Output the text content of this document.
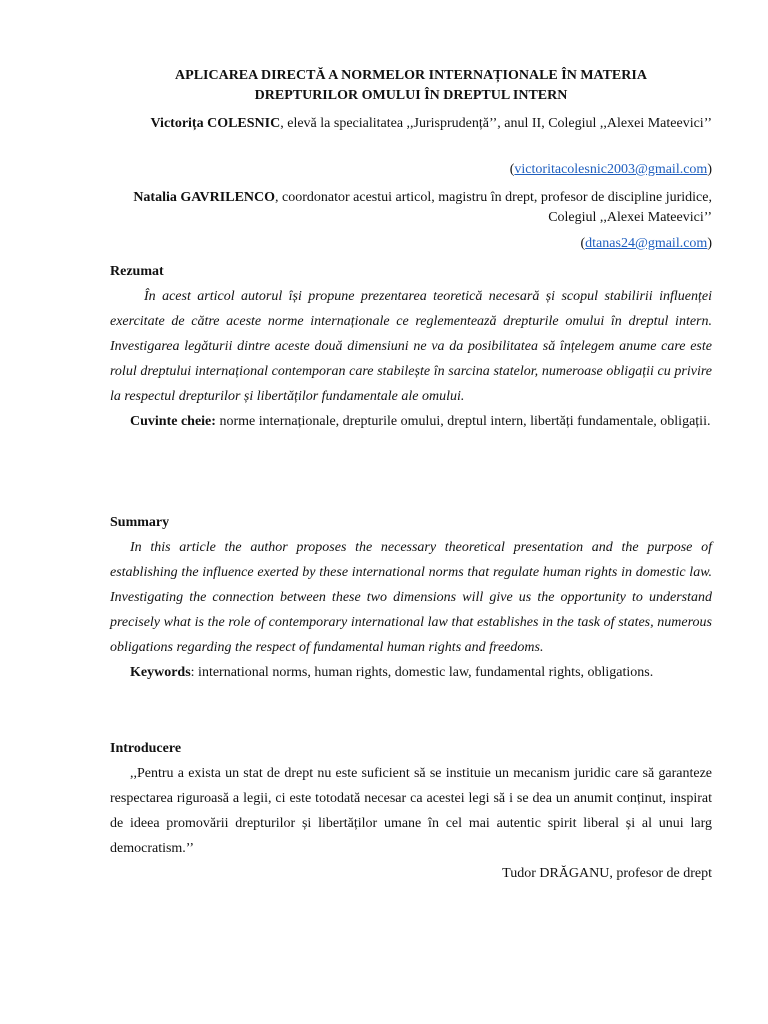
APLICAREA DIRECTĂ A NORMELOR INTERNAȚIONALE ÎN MATERIA
DREPTURILOR OMULUI ÎN DREPTUL INTERN
Victorița COLESNIC, elevă la specialitatea ,,Jurisprudență’’, anul II, Colegiul ,,Alexei Mateevici’’
(victoritacolesnic2003@gmail.com)
Natalia GAVRILENCO, coordonator acestui articol, magistru în drept, profesor de discipline juridice, Colegiul ,,Alexei Mateevici’’
(dtanas24@gmail.com)
Rezumat

În acest articol autorul își propune prezentarea teoretică necesară și scopul stabilirii influenței exercitate de către aceste norme internaționale ce reglementează drepturile omului în dreptul intern. Investigarea legăturii dintre aceste două dimensiuni ne va da posibilitatea să înțelegem anume care este rolul dreptului internațional contemporan care stabilește în sarcina statelor, numeroase obligații cu privire la respectul drepturilor și libertăților fundamentale ale omului.

Cuvinte cheie: norme internaționale, drepturile omului, dreptul intern, libertăți fundamentale, obligații.

Summary

In this article the author proposes the necessary theoretical presentation and the purpose of establishing the influence exerted by these international norms that regulate human rights in domestic law. Investigating the connection between these two dimensions will give us the opportunity to understand precisely what is the role of contemporary international law that establishes in the task of states, numerous obligations regarding the respect of fundamental human rights and freedoms.

Keywords: international norms, human rights, domestic law, fundamental rights, obligations.

Introducere

,,Pentru a exista un stat de drept nu este suficient să se instituie un mecanism juridic care să garanteze respectarea riguroasă a legii, ci este totodată necesar ca acestei legi să i se dea un anumit conținut, inspirat de ideea promovării drepturilor și libertăților umane în cel mai autentic spirit liberal și al unui larg democratism.’’

Tudor DRĂGANU, profesor de drept
